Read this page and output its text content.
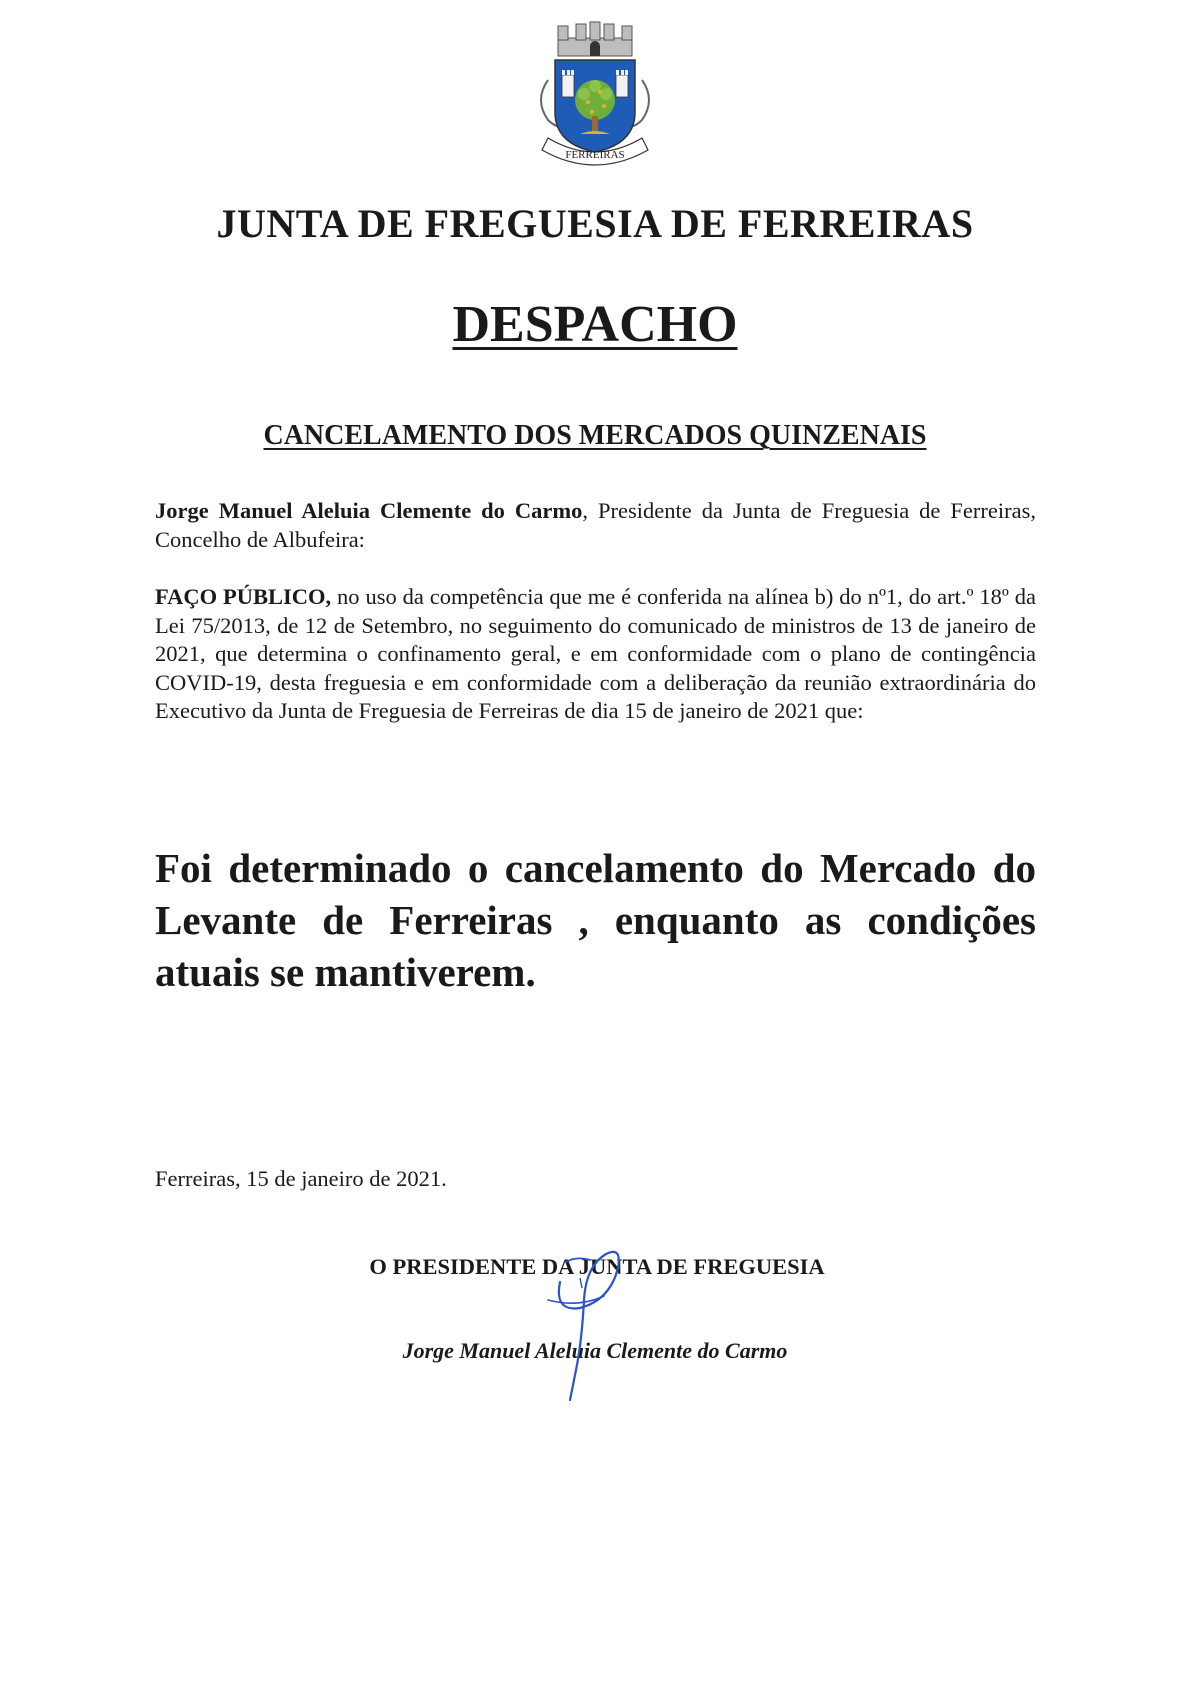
FERREIRAS
JUNTA DE FREGUESIA DE FERREIRAS
DESPACHO
CANCELAMENTO DOS MERCADOS QUINZENAIS

Jorge Manuel Aleluia Clemente do Carmo, Presidente da Junta de Freguesia de Ferreiras, Concelho de Albufeira:

FAÇO PÚBLICO, no uso da competência que me é conferida na alínea b) do nº1, do art.º 18º da Lei 75/2013, de 12 de Setembro, no seguimento do comunicado de ministros de 13 de janeiro de 2021, que determina o confinamento geral, e em conformidade com o plano de contingência COVID-19, desta freguesia e em conformidade com a deliberação da reunião extraordinária do Executivo da Junta de Freguesia de Ferreiras de dia 15 de janeiro de 2021 que:

Foi determinado o cancelamento do Mercado do Levante de Ferreiras , enquanto as condições atuais se mantiverem.

Ferreiras, 15 de janeiro de 2021.

O PRESIDENTE DA JUNTA DE FREGUESIA

Jorge Manuel Aleluia Clemente do Carmo
